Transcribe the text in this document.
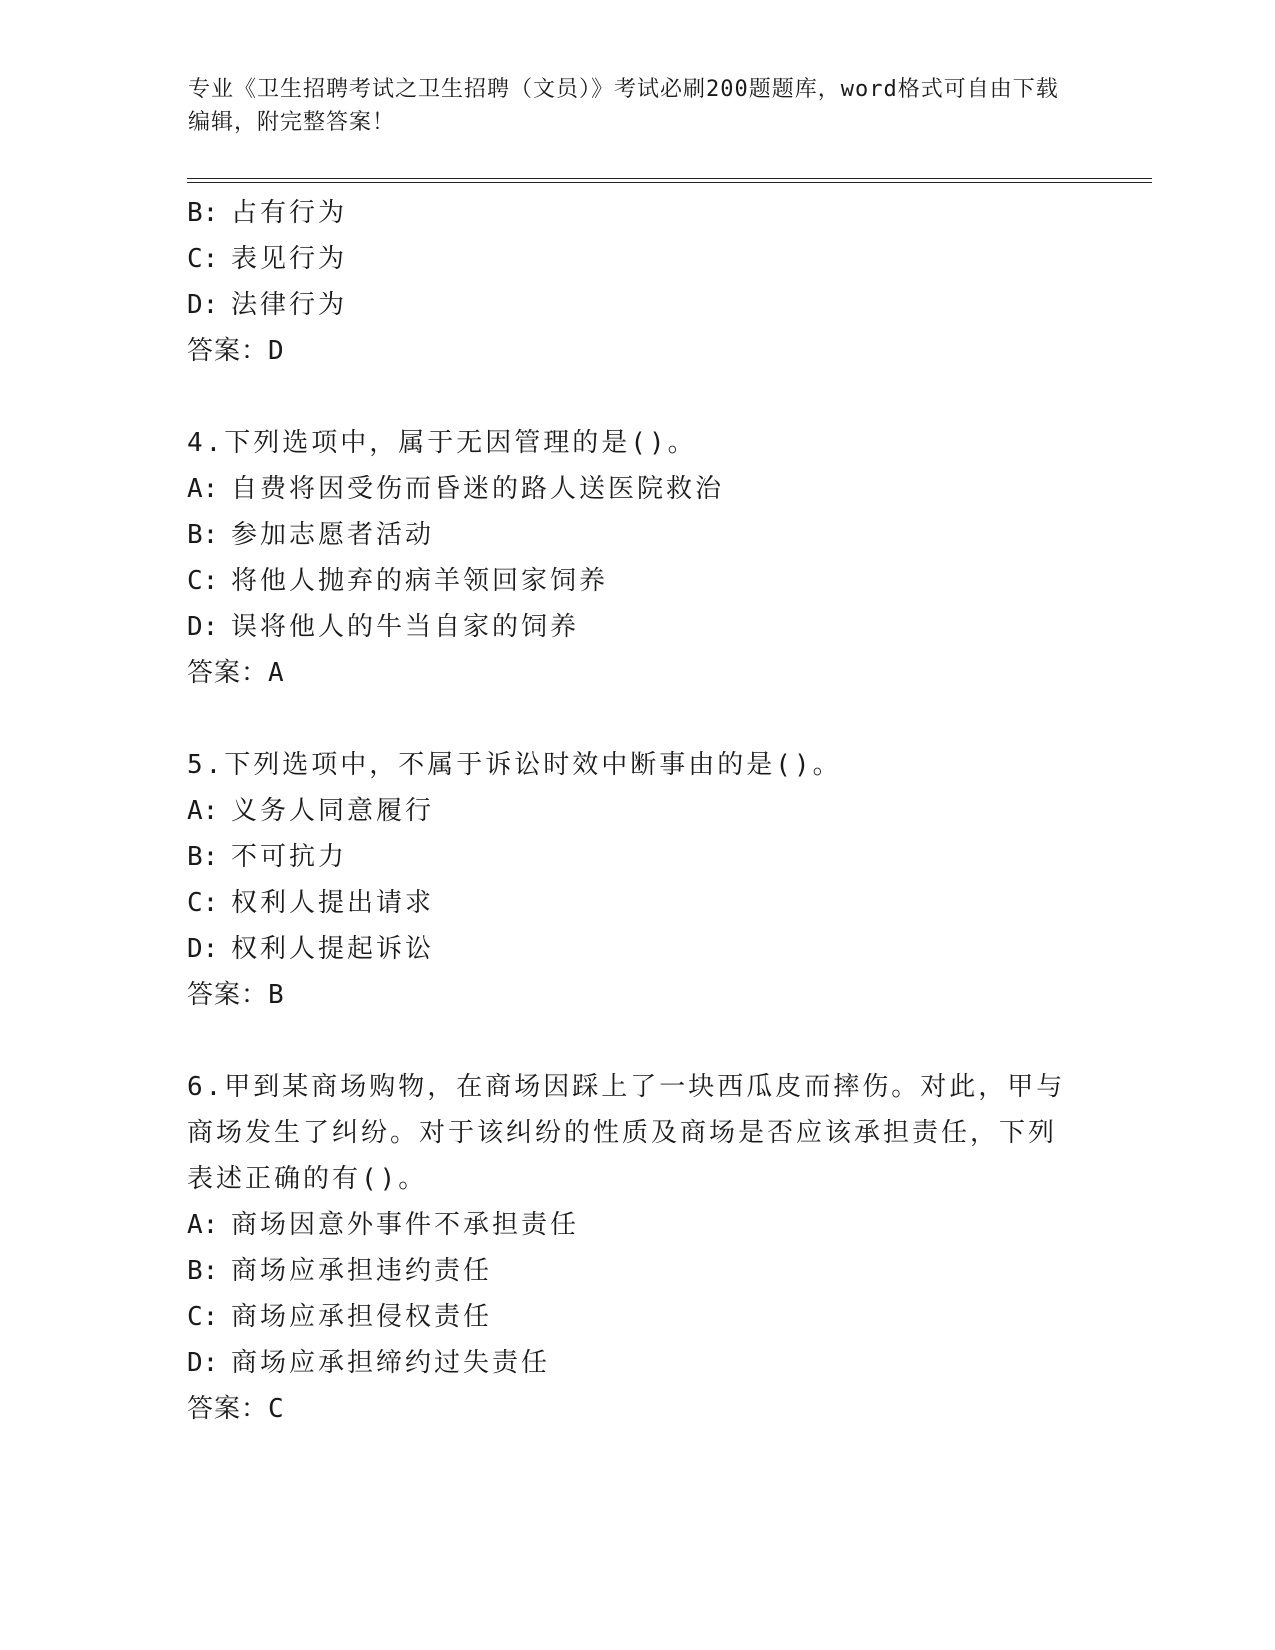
专业《卫生招聘考试之卫生招聘（文员）》考试必刷200题题库，word格式可自由下载编辑，附完整答案！

B: 占有行为
C: 表见行为
D: 法律行为
答案：D
4.下列选项中，属于无因管理的是()。
A: 自费将因受伤而昏迷的路人送医院救治
B: 参加志愿者活动
C: 将他人抛弃的病羊领回家饲养
D: 误将他人的牛当自家的饲养
答案：A
5.下列选项中，不属于诉讼时效中断事由的是()。
A: 义务人同意履行
B: 不可抗力
C: 权利人提出请求
D: 权利人提起诉讼
答案：B
6.甲到某商场购物，在商场因踩上了一块西瓜皮而摔伤。对此，甲与商场发生了纠纷。对于该纠纷的性质及商场是否应该承担责任，下列表述正确的有()。
A: 商场因意外事件不承担责任
B: 商场应承担违约责任
C: 商场应承担侵权责任
D: 商场应承担缔约过失责任
答案：C
